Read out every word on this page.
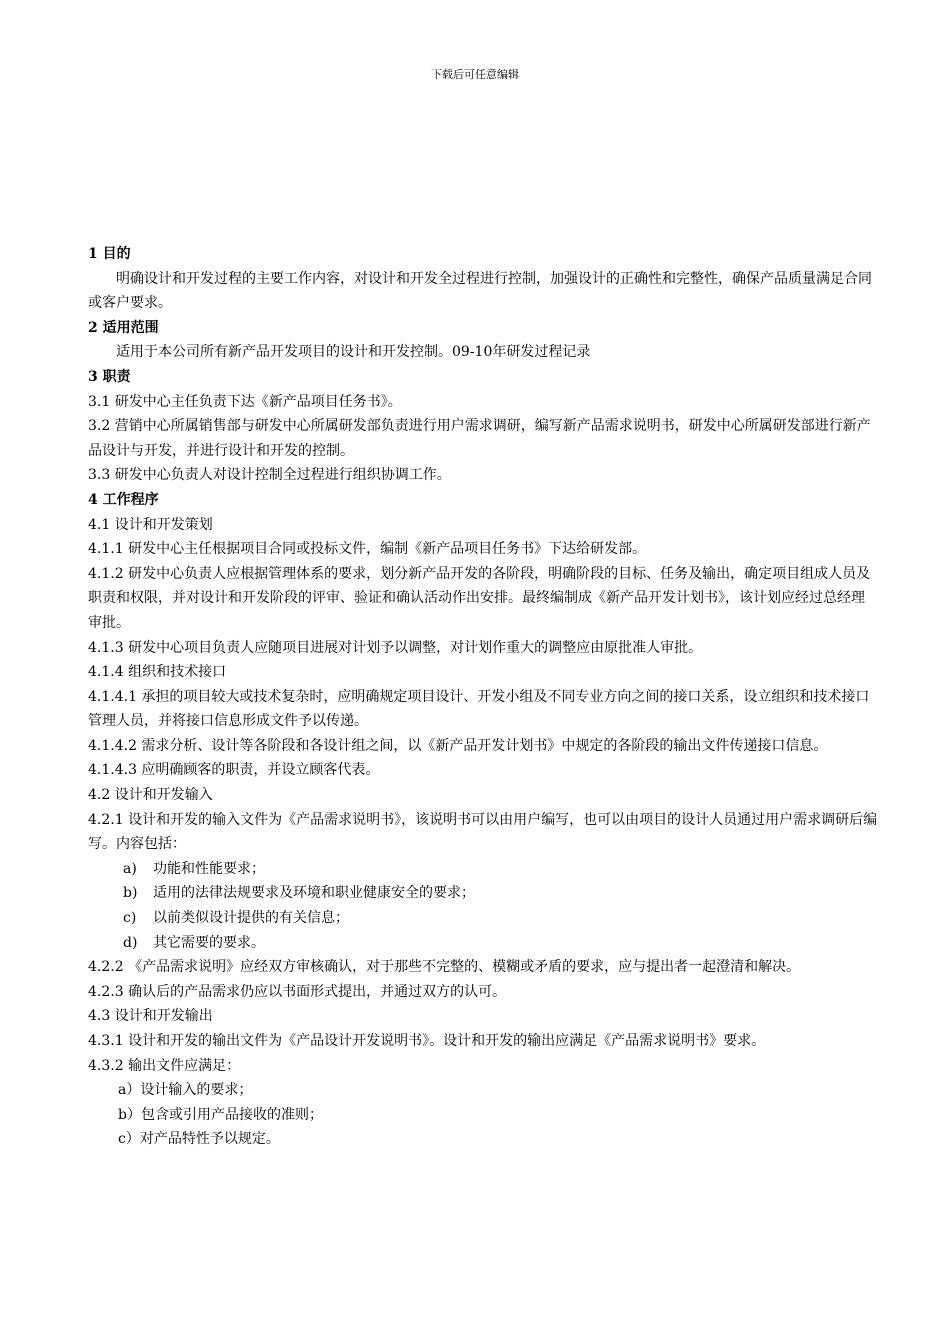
下载后可任意编辑

1 目的

明确设计和开发过程的主要工作内容，对设计和开发全过程进行控制，加强设计的正确性和完整性，确保产品质量满足合同或客户要求。

2 适用范围

适用于本公司所有新产品开发项目的设计和开发控制。09-10年研发过程记录

3 职责

3.1 研发中心主任负责下达《新产品项目任务书》。

3.2 营销中心所属销售部与研发中心所属研发部负责进行用户需求调研，编写新产品需求说明书，研发中心所属研发部进行新产品设计与开发，并进行设计和开发的控制。

3.3 研发中心负责人对设计控制全过程进行组织协调工作。

4 工作程序

4.1 设计和开发策划

4.1.1 研发中心主任根据项目合同或投标文件，编制《新产品项目任务书》下达给研发部。

4.1.2 研发中心负责人应根据管理体系的要求，划分新产品开发的各阶段，明确阶段的目标、任务及输出，确定项目组成人员及职责和权限，并对设计和开发阶段的评审、验证和确认活动作出安排。最终编制成《新产品开发计划书》，该计划应经过总经理审批。

4.1.3 研发中心项目负责人应随项目进展对计划予以调整，对计划作重大的调整应由原批准人审批。

4.1.4 组织和技术接口

4.1.4.1 承担的项目较大或技术复杂时，应明确规定项目设计、开发小组及不同专业方向之间的接口关系，设立组织和技术接口管理人员，并将接口信息形成文件予以传递。

4.1.4.2 需求分析、设计等各阶段和各设计组之间，以《新产品开发计划书》中规定的各阶段的输出文件传递接口信息。

4.1.4.3 应明确顾客的职责，并设立顾客代表。

4.2 设计和开发输入

4.2.1 设计和开发的输入文件为《产品需求说明书》，该说明书可以由用户编写，也可以由项目的设计人员通过用户需求调研后编写。内容包括：

a) 功能和性能要求；

b) 适用的法律法规要求及环境和职业健康安全的要求；

c) 以前类似设计提供的有关信息；

d) 其它需要的要求。

4.2.2 《产品需求说明》应经双方审核确认，对于那些不完整的、模糊或矛盾的要求，应与提出者一起澄清和解决。

4.2.3 确认后的产品需求仍应以书面形式提出，并通过双方的认可。

4.3 设计和开发输出

4.3.1 设计和开发的输出文件为《产品设计开发说明书》。设计和开发的输出应满足《产品需求说明书》要求。

4.3.2 输出文件应满足：

a）设计输入的要求；

b）包含或引用产品接收的准则；

c）对产品特性予以规定。
